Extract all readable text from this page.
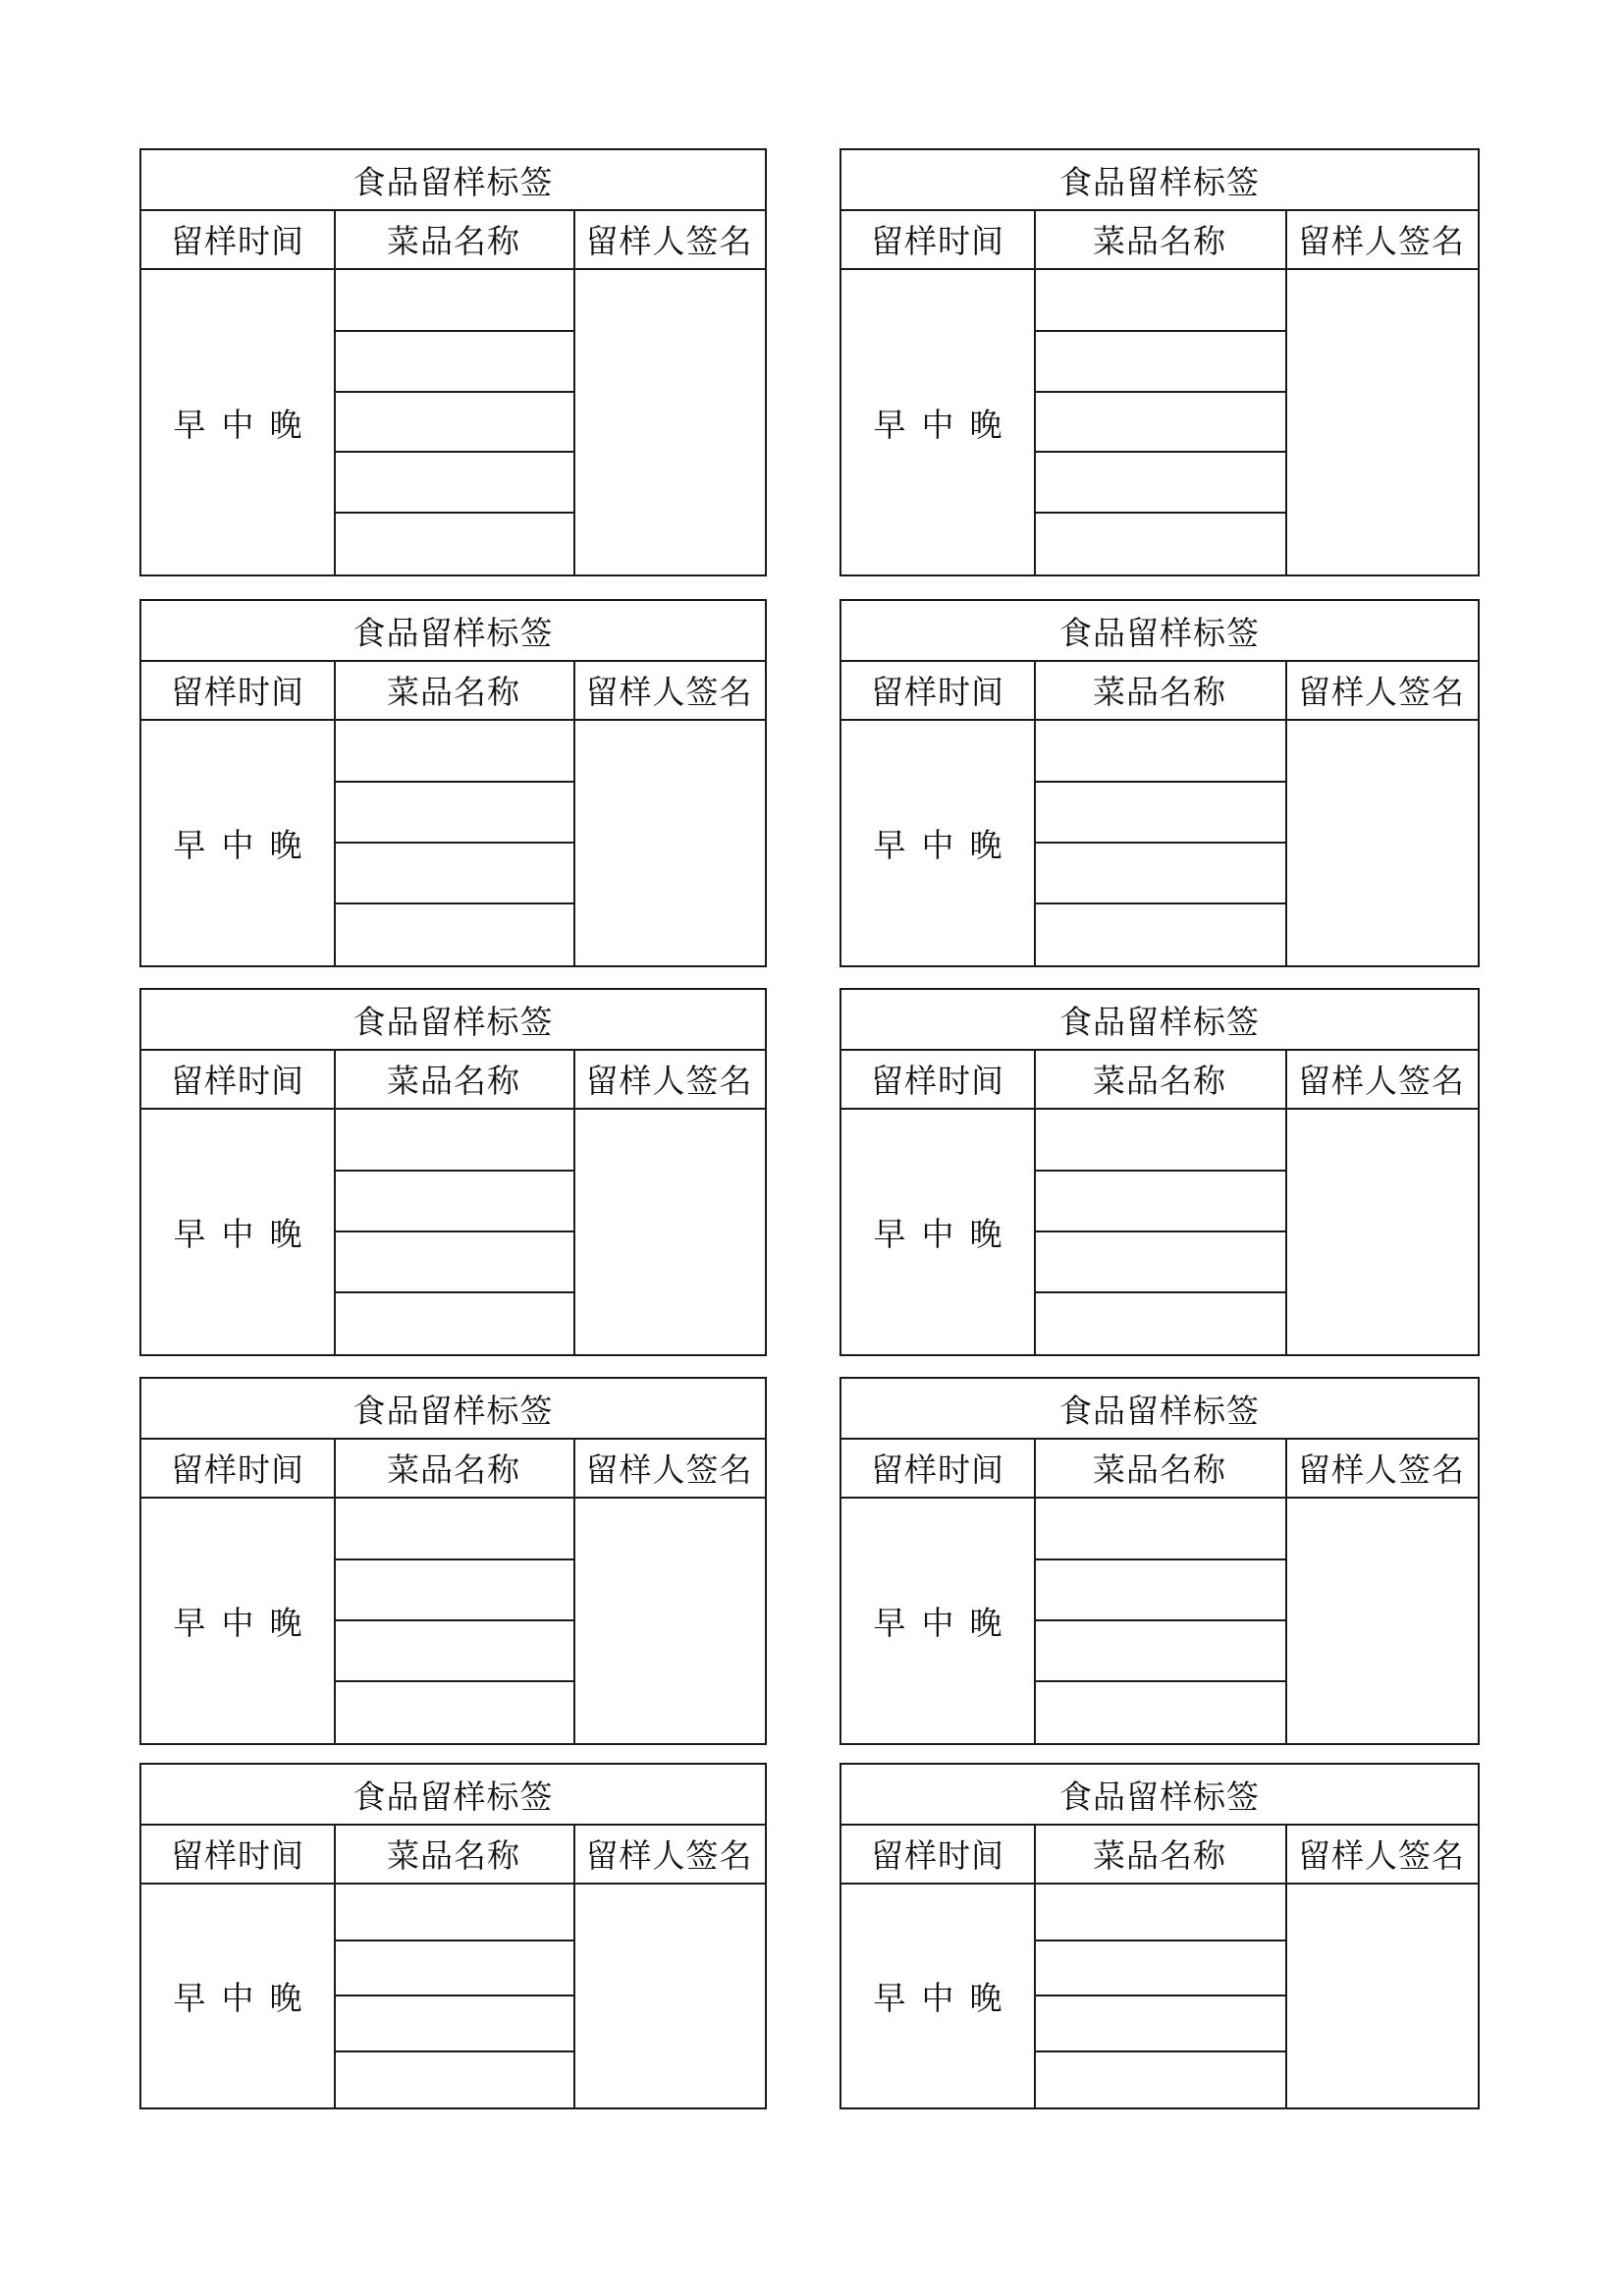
食品留样标签
留样时间	菜品名称	留样人签名
早 中 晚
食品留样标签
留样时间	菜品名称	留样人签名
早 中 晚
食品留样标签
留样时间	菜品名称	留样人签名
早 中 晚
食品留样标签
留样时间	菜品名称	留样人签名
早 中 晚
食品留样标签
留样时间	菜品名称	留样人签名
早 中 晚
食品留样标签
留样时间	菜品名称	留样人签名
早 中 晚
食品留样标签
留样时间	菜品名称	留样人签名
早 中 晚
食品留样标签
留样时间	菜品名称	留样人签名
早 中 晚
食品留样标签
留样时间	菜品名称	留样人签名
早 中 晚
食品留样标签
留样时间	菜品名称	留样人签名
早 中 晚
